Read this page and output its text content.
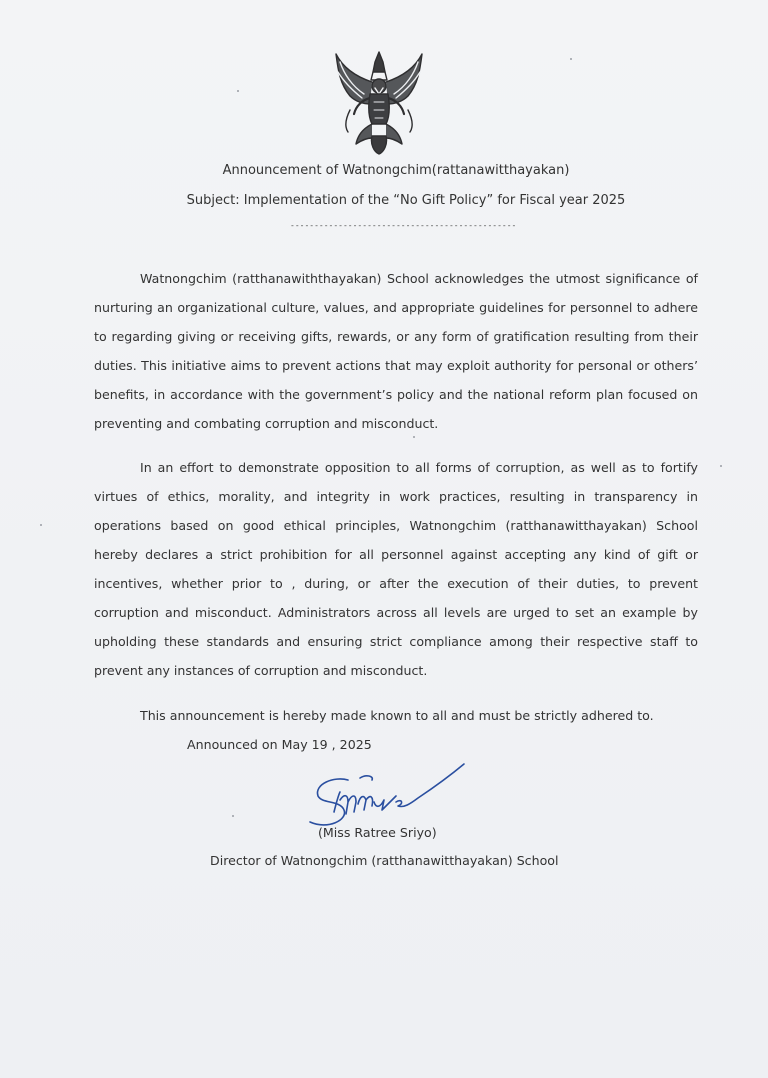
Announcement of Watnongchim(rattanawitthayakan)
Subject: Implementation of the “No Gift Policy” for Fiscal year 2025
-----------------------------------------------

Watnongchim (ratthanawiththayakan) School acknowledges the utmost significance of nurturing an organizational culture, values, and appropriate guidelines for personnel to adhere to regarding giving or receiving gifts, rewards, or any form of gratification resulting from their duties. This initiative aims to prevent actions that may exploit authority for personal or others’ benefits, in accordance with the government’s policy and the national reform plan focused on preventing and combating corruption and misconduct.

In an effort to demonstrate opposition to all forms of corruption, as well as to fortify virtues of ethics, morality, and integrity in work practices, resulting in transparency in operations based on good ethical principles, Watnongchim (ratthanawitthayakan) School hereby declares a strict prohibition for all personnel against accepting any kind of gift or incentives, whether prior to , during, or after the execution of their duties, to prevent corruption and misconduct. Administrators across all levels are urged to set an example by upholding these standards and ensuring strict compliance among their respective staff to prevent any instances of corruption and misconduct.

This announcement is hereby made known to all and must be strictly adhered to.
Announced on May 19 , 2025
(Miss Ratree Sriyo)
Director of Watnongchim (ratthanawitthayakan) School
